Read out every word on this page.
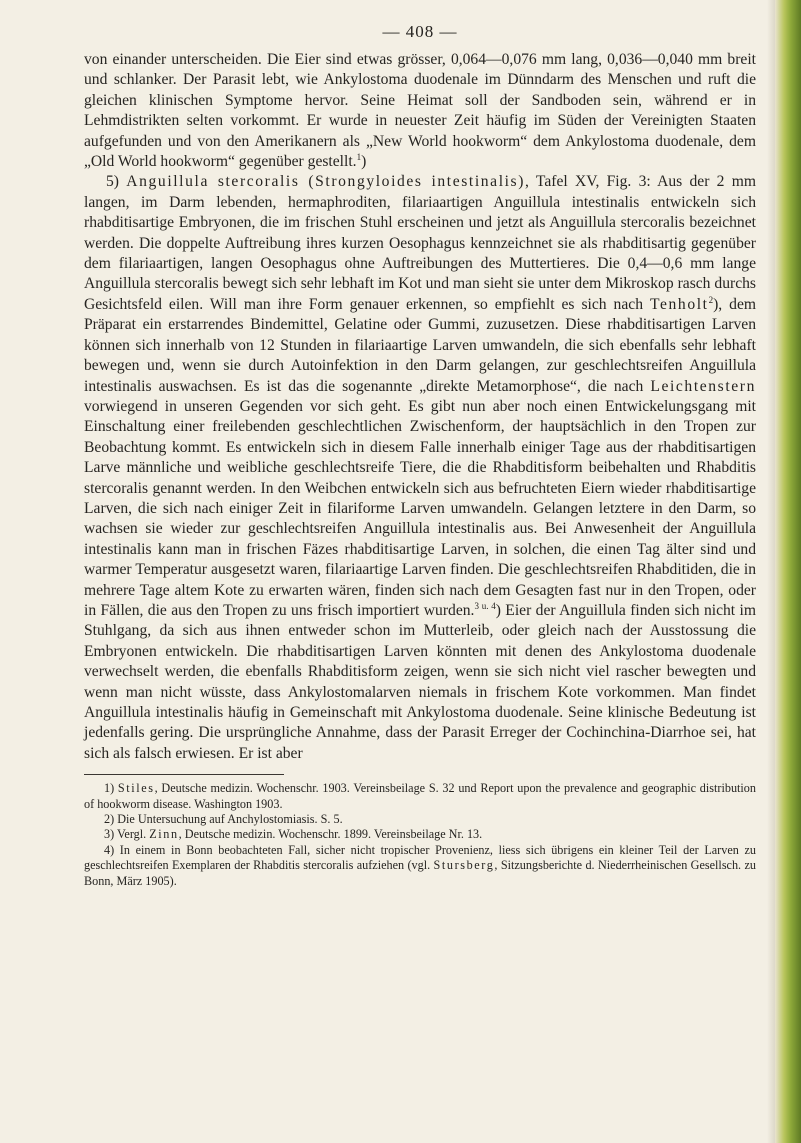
— 408 —

von einander unterscheiden. Die Eier sind etwas grösser, 0,064—0,076 mm lang, 0,036—0,040 mm breit und schlanker. Der Parasit lebt, wie Ankylostoma duodenale im Dünndarm des Menschen und ruft die gleichen klinischen Symptome hervor. Seine Heimat soll der Sandboden sein, während er in Lehmdistrikten selten vorkommt. Er wurde in neuester Zeit häufig im Süden der Vereinigten Staaten aufgefunden und von den Amerikanern als „New World hookworm“ dem Ankylostoma duodenale, dem „Old World hookworm“ gegenüber gestellt.$^1$)

5) Anguillula stercoralis (Strongyloides intestinalis), Tafel XV, Fig. 3: Aus der 2 mm langen, im Darm lebenden, hermaphroditen, filariaartigen Anguillula intestinalis entwickeln sich rhabditisartige Embryonen, die im frischen Stuhl erscheinen und jetzt als Anguillula stercoralis bezeichnet werden. Die doppelte Auftreibung ihres kurzen Oesophagus kennzeichnet sie als rhabditisartig gegenüber dem filariaartigen, langen Oesophagus ohne Auftreibungen des Muttertieres. Die 0,4—0,6 mm lange Anguillula stercoralis bewegt sich sehr lebhaft im Kot und man sieht sie unter dem Mikroskop rasch durchs Gesichtsfeld eilen. Will man ihre Form genauer erkennen, so empfiehlt es sich nach Tenholt$^2$), dem Präparat ein erstarrendes Bindemittel, Gelatine oder Gummi, zuzusetzen. Diese rhabditisartigen Larven können sich innerhalb von 12 Stunden in filariaartige Larven umwandeln, die sich ebenfalls sehr lebhaft bewegen und, wenn sie durch Autoinfektion in den Darm gelangen, zur geschlechtsreifen Anguillula intestinalis auswachsen. Es ist das die sogenannte „direkte Metamorphose“, die nach Leichtenstern vorwiegend in unseren Gegenden vor sich geht. Es gibt nun aber noch einen Entwickelungsgang mit Einschaltung einer freilebenden geschlechtlichen Zwischenform, der hauptsächlich in den Tropen zur Beobachtung kommt. Es entwickeln sich in diesem Falle innerhalb einiger Tage aus der rhabditisartigen Larve männliche und weibliche geschlechtsreife Tiere, die die Rhabditisform beibehalten und Rhabditis stercoralis genannt werden. In den Weibchen entwickeln sich aus befruchteten Eiern wieder rhabditisartige Larven, die sich nach einiger Zeit in filariforme Larven umwandeln. Gelangen letztere in den Darm, so wachsen sie wieder zur geschlechtsreifen Anguillula intestinalis aus. Bei Anwesenheit der Anguillula intestinalis kann man in frischen Fäzes rhabditisartige Larven, in solchen, die einen Tag älter sind und warmer Temperatur ausgesetzt waren, filariaartige Larven finden. Die geschlechtsreifen Rhabditiden, die in mehrere Tage altem Kote zu erwarten wären, finden sich nach dem Gesagten fast nur in den Tropen, oder in Fällen, die aus den Tropen zu uns frisch importiert wurden.$^{3 u. 4}$) Eier der Anguillula finden sich nicht im Stuhlgang, da sich aus ihnen entweder schon im Mutterleib, oder gleich nach der Ausstossung die Embryonen entwickeln. Die rhabditisartigen Larven könnten mit denen des Ankylostoma duodenale verwechselt werden, die ebenfalls Rhabditisform zeigen, wenn sie sich nicht viel rascher bewegten und wenn man nicht wüsste, dass Ankylostomalarven niemals in frischem Kote vorkommen. Man findet Anguillula intestinalis häufig in Gemeinschaft mit Ankylostoma duodenale. Seine klinische Bedeutung ist jedenfalls gering. Die ursprüngliche Annahme, dass der Parasit Erreger der Cochinchina-Diarrhoe sei, hat sich als falsch erwiesen. Er ist aber

1) Stiles, Deutsche medizin. Wochenschr. 1903. Vereinsbeilage S. 32 und Report upon the prevalence and geographic distribution of hookworm disease. Washington 1903.

2) Die Untersuchung auf Anchylostomiasis. S. 5.

3) Vergl. Zinn, Deutsche medizin. Wochenschr. 1899. Vereinsbeilage Nr. 13.

4) In einem in Bonn beobachteten Fall, sicher nicht tropischer Provenienz, liess sich übrigens ein kleiner Teil der Larven zu geschlechtsreifen Exemplaren der Rhabditis stercoralis aufziehen (vgl. Stursberg, Sitzungsberichte d. Niederrheinischen Gesellsch. zu Bonn, März 1905).
